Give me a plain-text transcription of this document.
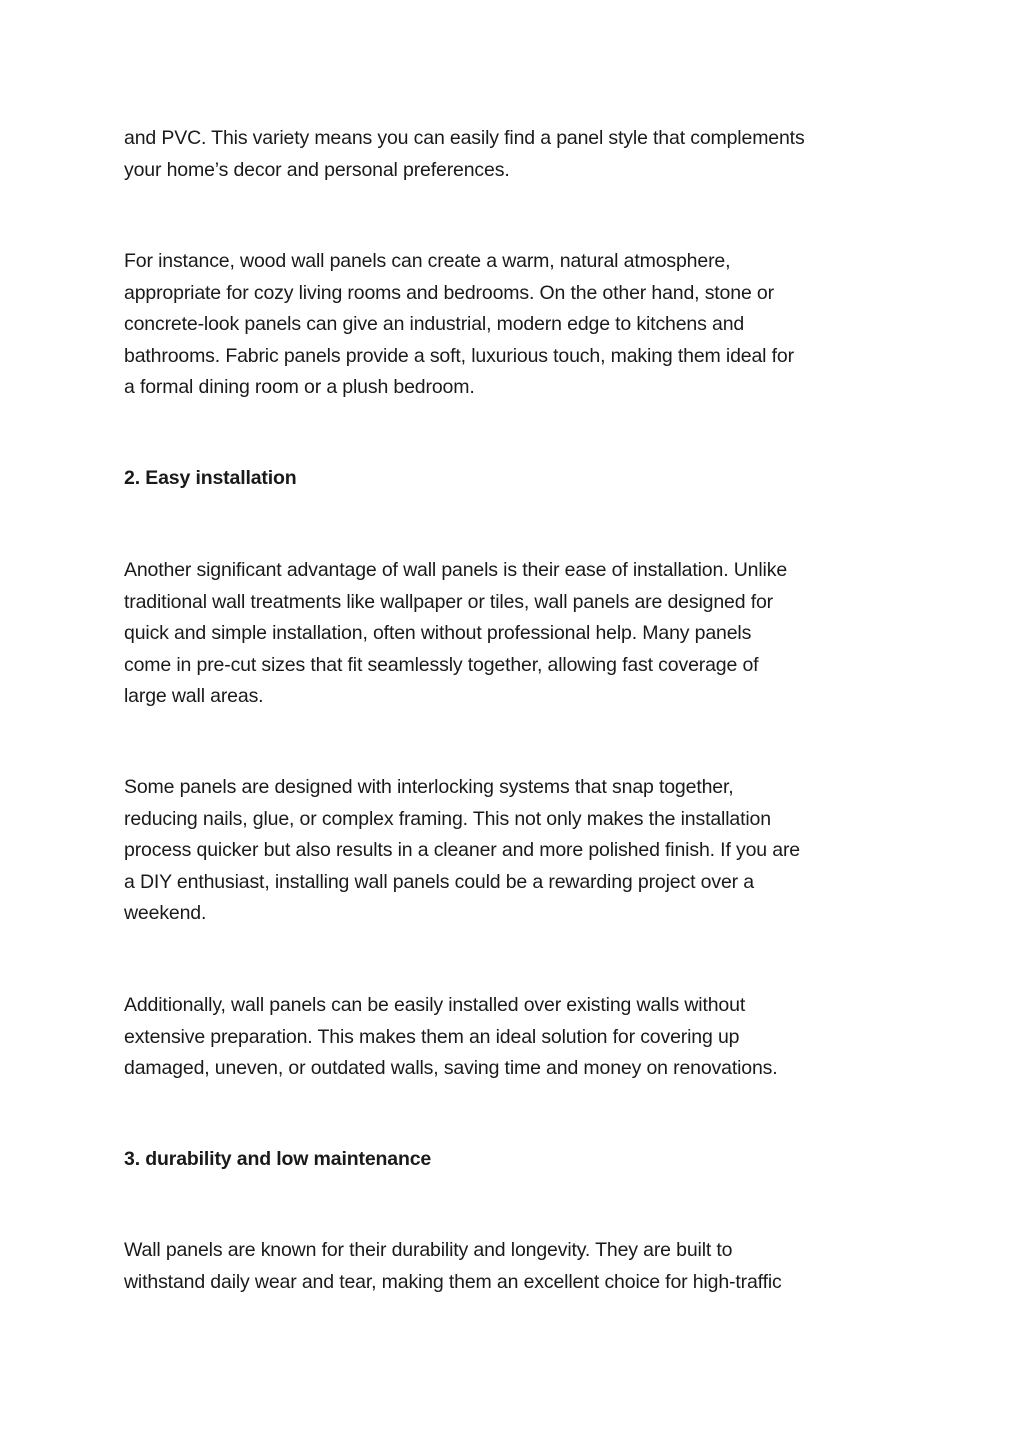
and PVC. This variety means you can easily find a panel style that complements
your home’s decor and personal preferences.

For instance, wood wall panels can create a warm, natural atmosphere,
appropriate for cozy living rooms and bedrooms. On the other hand, stone or
concrete-look panels can give an industrial, modern edge to kitchens and
bathrooms. Fabric panels provide a soft, luxurious touch, making them ideal for
a formal dining room or a plush bedroom.

2. Easy installation

Another significant advantage of wall panels is their ease of installation. Unlike
traditional wall treatments like wallpaper or tiles, wall panels are designed for
quick and simple installation, often without professional help. Many panels
come in pre-cut sizes that fit seamlessly together, allowing fast coverage of
large wall areas.

Some panels are designed with interlocking systems that snap together,
reducing nails, glue, or complex framing. This not only makes the installation
process quicker but also results in a cleaner and more polished finish. If you are
a DIY enthusiast, installing wall panels could be a rewarding project over a
weekend.

Additionally, wall panels can be easily installed over existing walls without
extensive preparation. This makes them an ideal solution for covering up
damaged, uneven, or outdated walls, saving time and money on renovations.

3. durability and low maintenance

Wall panels are known for their durability and longevity. They are built to
withstand daily wear and tear, making them an excellent choice for high-traffic
